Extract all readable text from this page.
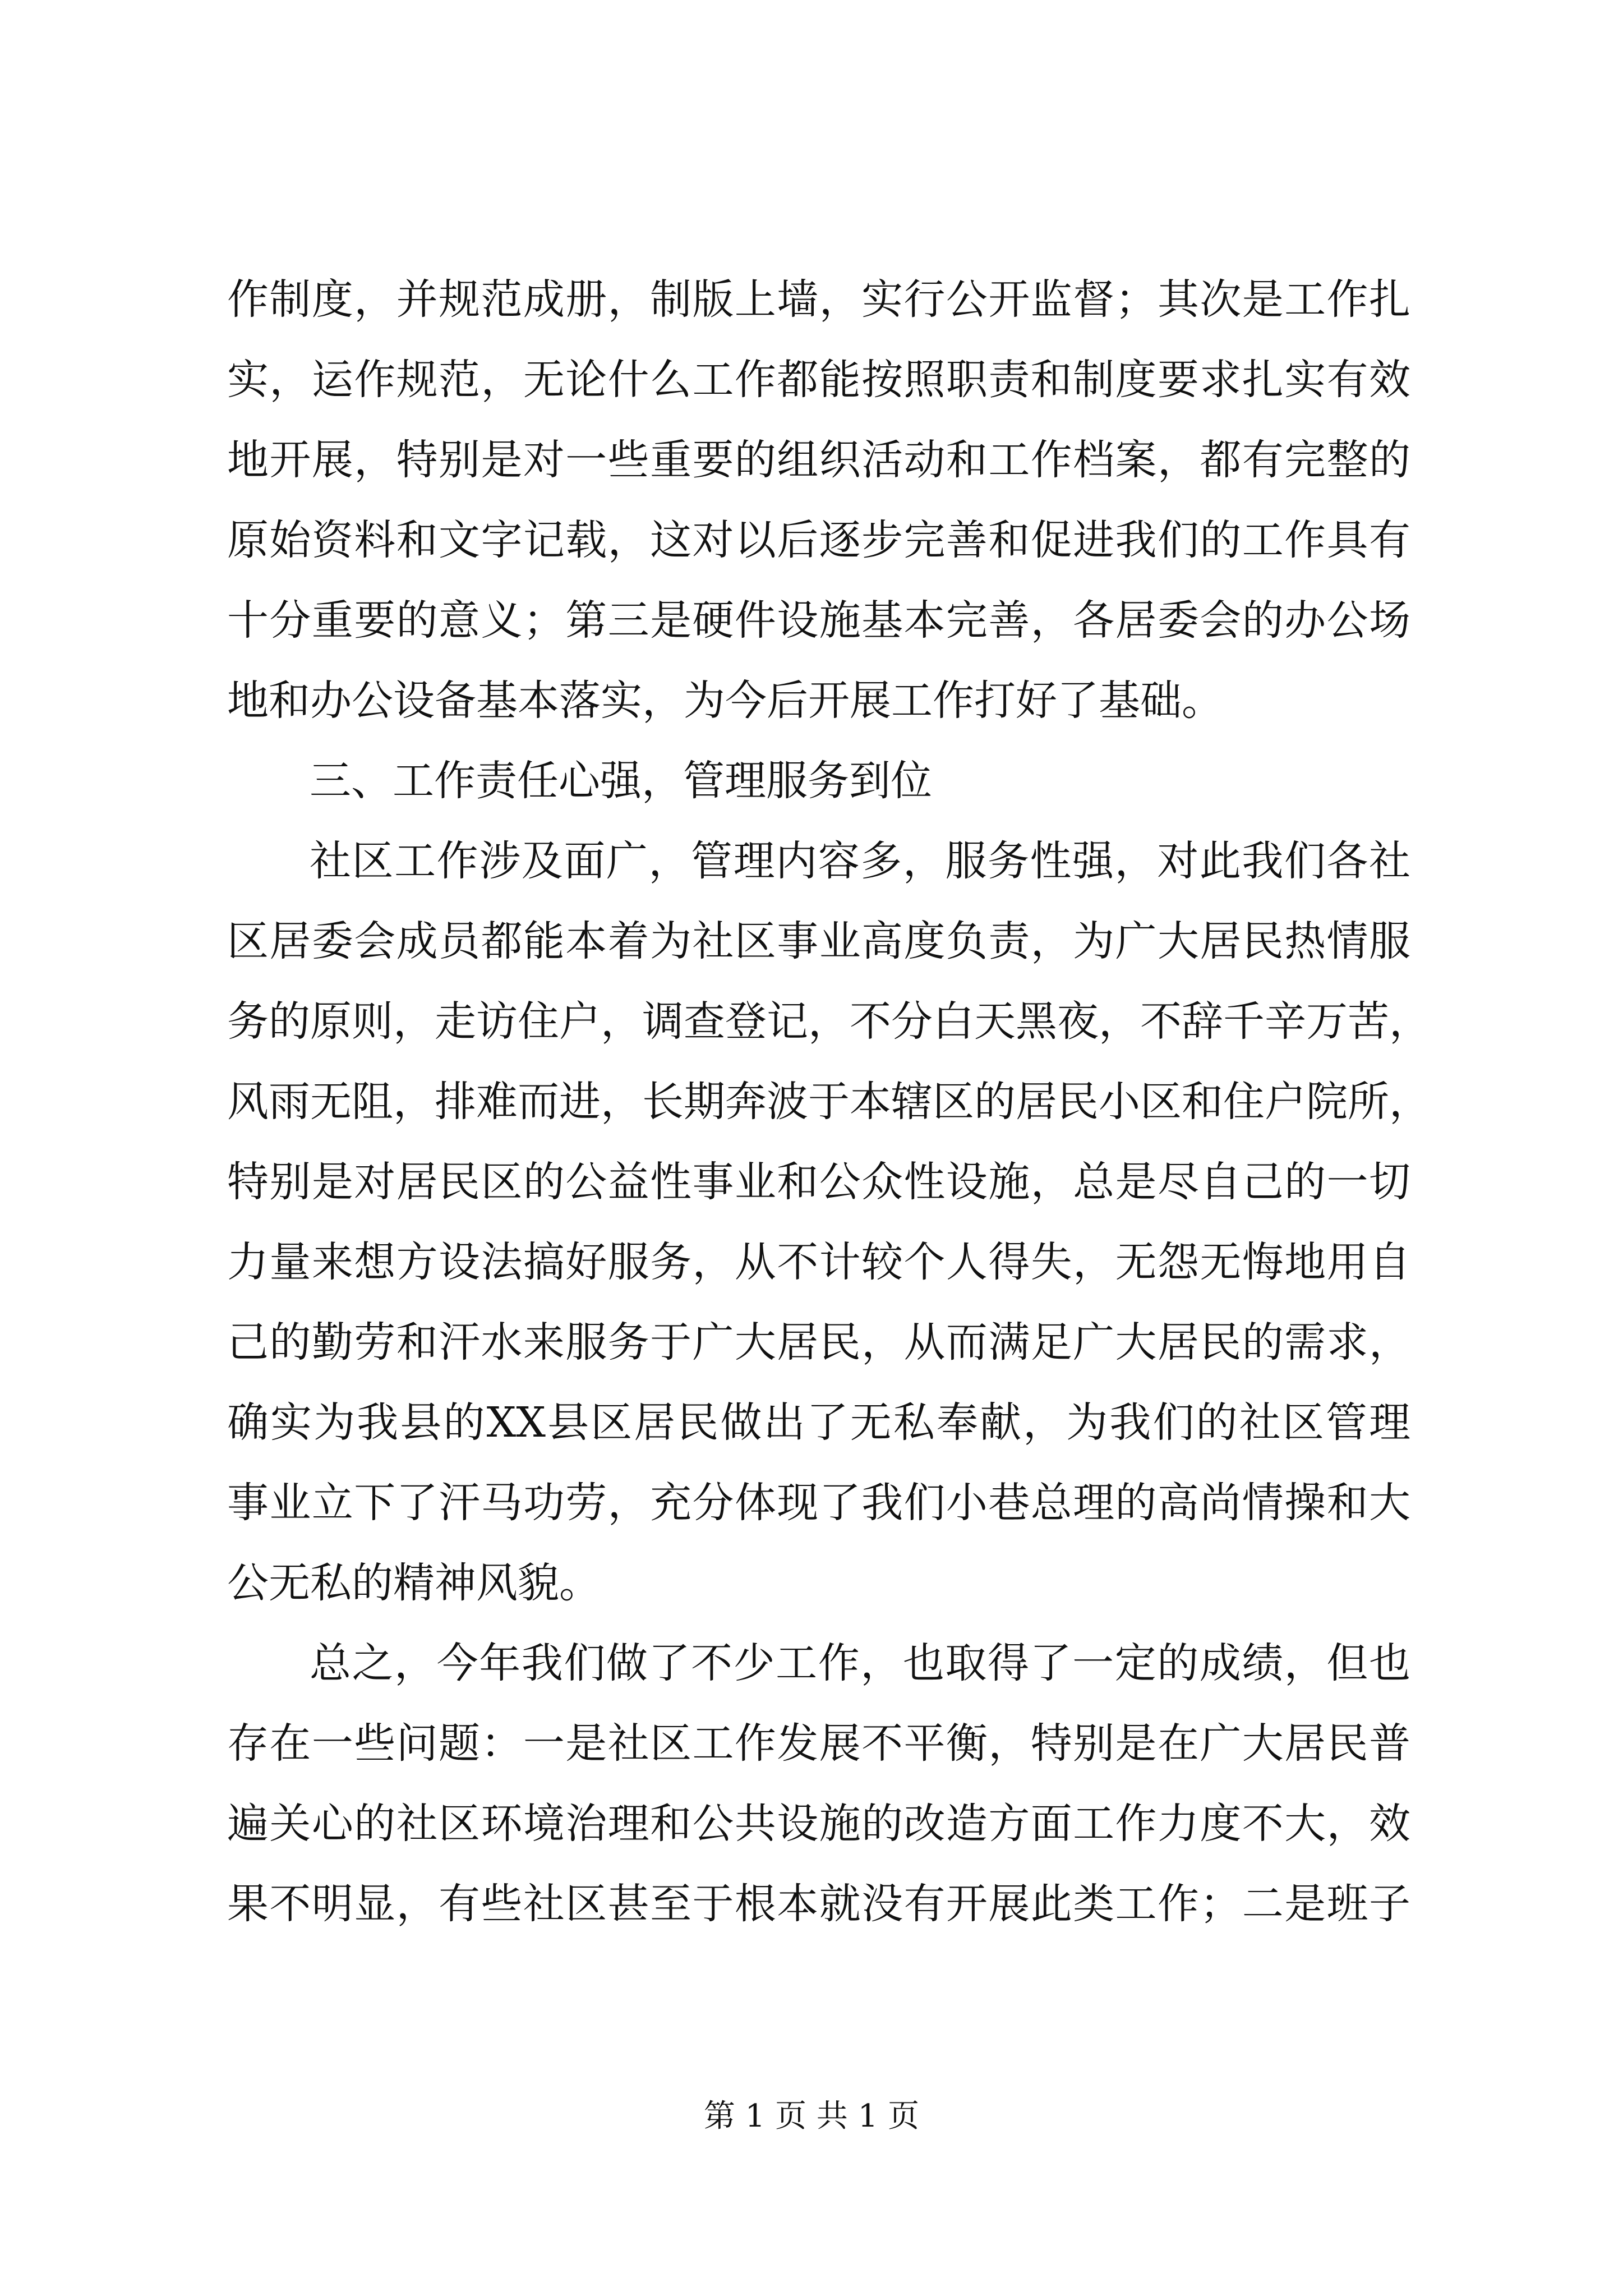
作制度，并规范成册，制版上墙，实行公开监督；其次是工作扎
实，运作规范，无论什么工作都能按照职责和制度要求扎实有效
地开展，特别是对一些重要的组织活动和工作档案，都有完整的
原始资料和文字记载，这对以后逐步完善和促进我们的工作具有
十分重要的意义；第三是硬件设施基本完善，各居委会的办公场
地和办公设备基本落实，为今后开展工作打好了基础。
三、工作责任心强，管理服务到位
社区工作涉及面广，管理内容多，服务性强，对此我们各社
区居委会成员都能本着为社区事业高度负责，为广大居民热情服
务的原则，走访住户，调查登记，不分白天黑夜，不辞千辛万苦，
风雨无阻，排难而进，长期奔波于本辖区的居民小区和住户院所，
特别是对居民区的公益性事业和公众性设施，总是尽自己的一切
力量来想方设法搞好服务，从不计较个人得失，无怨无悔地用自
己的勤劳和汗水来服务于广大居民，从而满足广大居民的需求，
确实为我县的XX县区居民做出了无私奉献，为我们的社区管理
事业立下了汗马功劳，充分体现了我们小巷总理的高尚情操和大
公无私的精神风貌。
总之，今年我们做了不少工作，也取得了一定的成绩，但也
存在一些问题：一是社区工作发展不平衡，特别是在广大居民普
遍关心的社区环境治理和公共设施的改造方面工作力度不大，效
果不明显，有些社区甚至于根本就没有开展此类工作；二是班子
第 1 页 共 1 页
